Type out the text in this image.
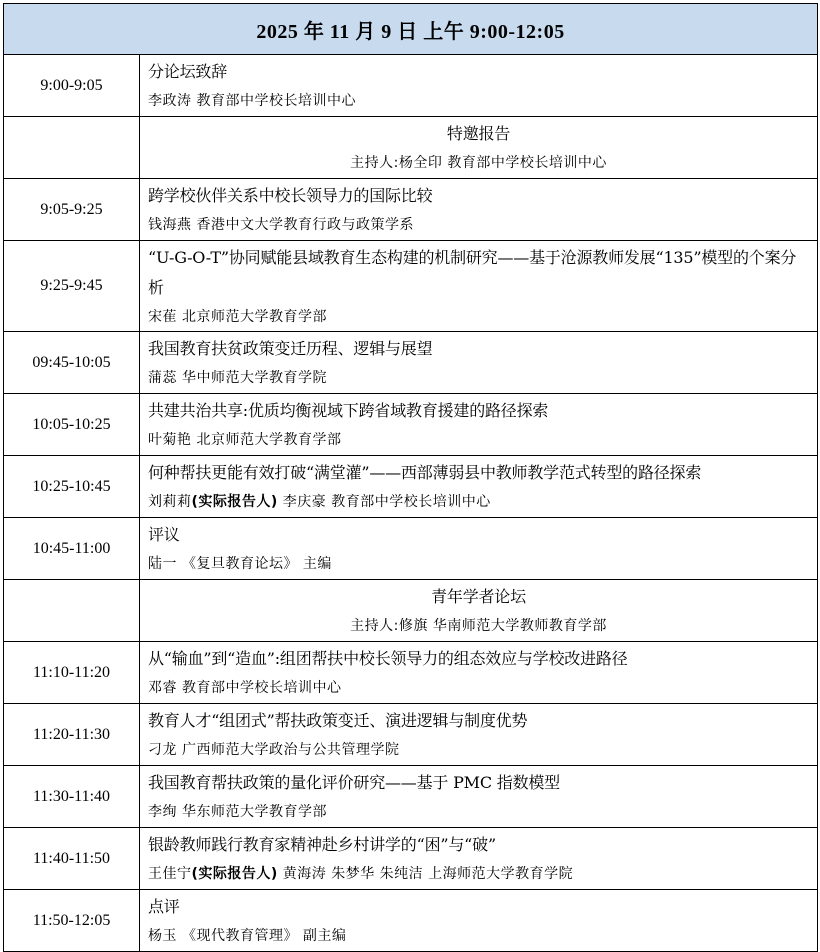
2025 年 11 月 9 日 上午 9:00-12:05	
9:00-9:05	分论坛致辞
李政涛 教育部中学校长培训中心

	特邀报告
主持人:杨全印 教育部中学校长培训中心

9:05-9:25	跨学校伙伴关系中校长领导力的国际比较
钱海燕 香港中文大学教育行政与政策学系

9:25-9:45	“U-G-O-T”协同赋能县域教育生态构建的机制研究——基于沧源教师发展“135”模型的个案分析
宋萑 北京师范大学教育学部

09:45-10:05	我国教育扶贫政策变迁历程、逻辑与展望
蒲蕊 华中师范大学教育学院

10:05-10:25	共建共治共享:优质均衡视域下跨省域教育援建的路径探索
叶菊艳 北京师范大学教育学部

10:25-10:45	何种帮扶更能有效打破“满堂灌”——西部薄弱县中教师教学范式转型的路径探索
刘莉莉(实际报告人) 李庆豪 教育部中学校长培训中心

10:45-11:00	评议
陆一 《复旦教育论坛》 主编

	青年学者论坛
主持人:修旗 华南师范大学教师教育学部

11:10-11:20	从“输血”到“造血”:组团帮扶中校长领导力的组态效应与学校改进路径
邓睿 教育部中学校长培训中心

11:20-11:30	教育人才“组团式”帮扶政策变迁、演进逻辑与制度优势
刁龙 广西师范大学政治与公共管理学院

11:30-11:40	我国教育帮扶政策的量化评价研究——基于 PMC 指数模型
李绚 华东师范大学教育学部

11:40-11:50	银龄教师践行教育家精神赴乡村讲学的“困”与“破”
王佳宁(实际报告人) 黄海涛 朱梦华 朱纯洁 上海师范大学教育学院

11:50-12:05	点评
杨玉 《现代教育管理》 副主编
